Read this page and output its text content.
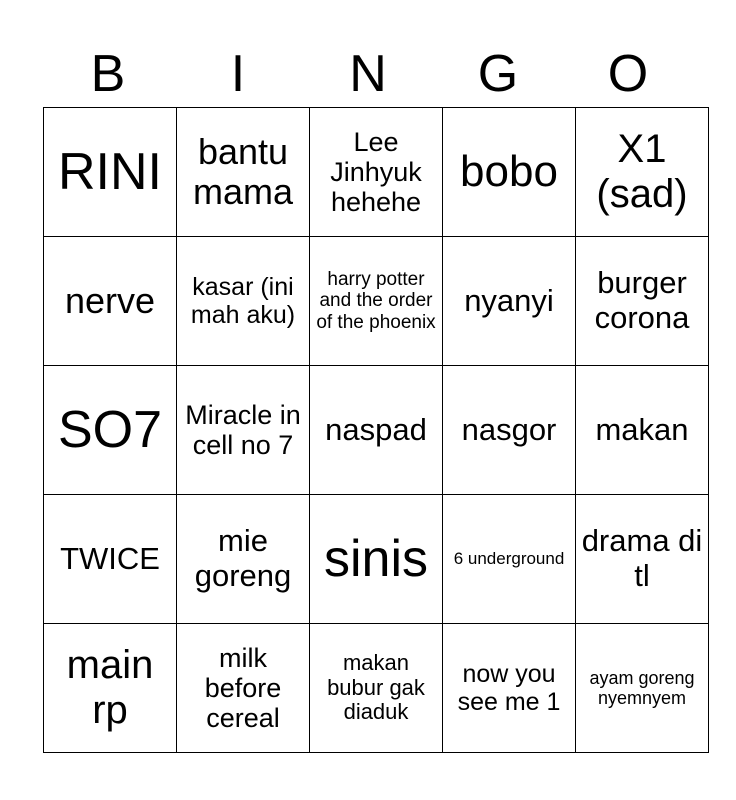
B	I	N	G	O
RINI	bantu mama	Lee Jinhyuk hehehe	bobo	X1 (sad)
nerve	kasar (ini mah aku)	harry potter and the order of the phoenix	nyanyi	burger corona
SO7	Miracle in cell no 7	naspad	nasgor	makan
TWICE	mie goreng	sinis	6 underground	drama di tl
main rp	milk before cereal	makan bubur gak diaduk	now you see me 1	ayam goreng nyemnyem
